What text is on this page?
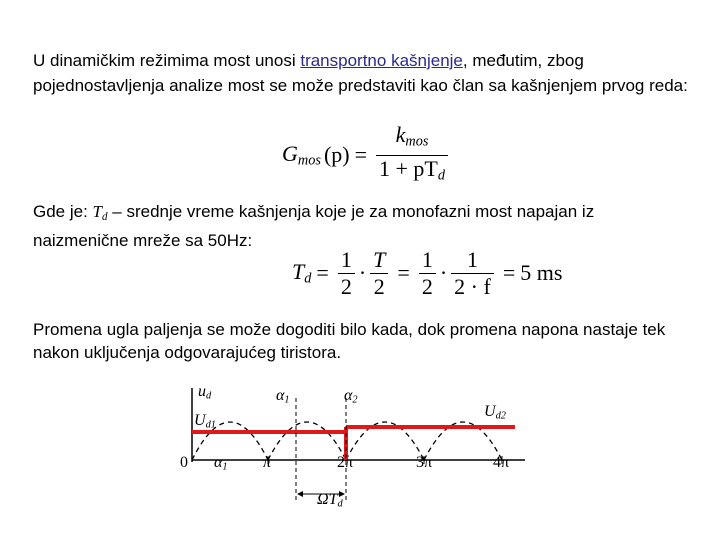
U dinamičkim režimima most unosi transportno kašnjenje, međutim, zbog pojednostavljenja analize most se može predstaviti kao član sa kašnjenjem prvog reda:

$G_{mos}$ $(p) = \frac{k_{mos}}{1 + pT_d}$

Gde je: $T_d$ – srednje vreme kašnjenja koje je za monofazni most napajan iz naizmenične mreže sa 50Hz:

$T_d = \frac{1}{2} \cdot \frac{T}{2} = \frac{1}{2} \cdot \frac{1}{2 \cdot f} = 5$ ms

Promena ugla paljenja se može dogoditi bilo kada, dok promena napona nastaje tek nakon uključenja odgovarajućeg tiristora.

$u_d$
$U_{d1}$
$U_{d2}$
$\alpha_1$	$\alpha_2$
0 $\alpha_1$ π	2π	3π	4π
$\Omega T_d$
